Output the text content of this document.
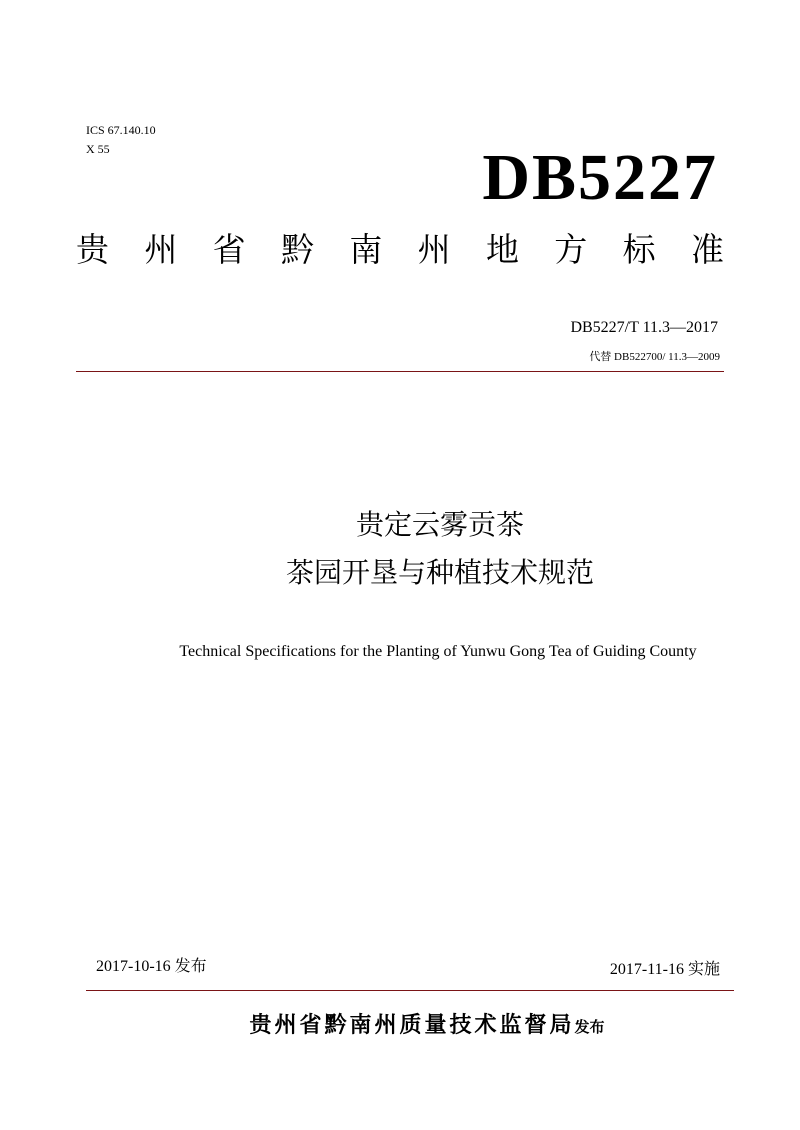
ICS 67.140.10
X 55	DB5227
贵 州 省 黔 南 州 地 方 标 准
DB5227/T 11.3—2017
代替 DB522700/ 11.3—2009
贵定云雾贡茶
茶园开垦与种植技术规范
Technical Specifications for the Planting of Yunwu Gong Tea of Guiding County
2017-10-16 发布	2017-11-16 实施
贵州省黔南州质量技术监督局发布
